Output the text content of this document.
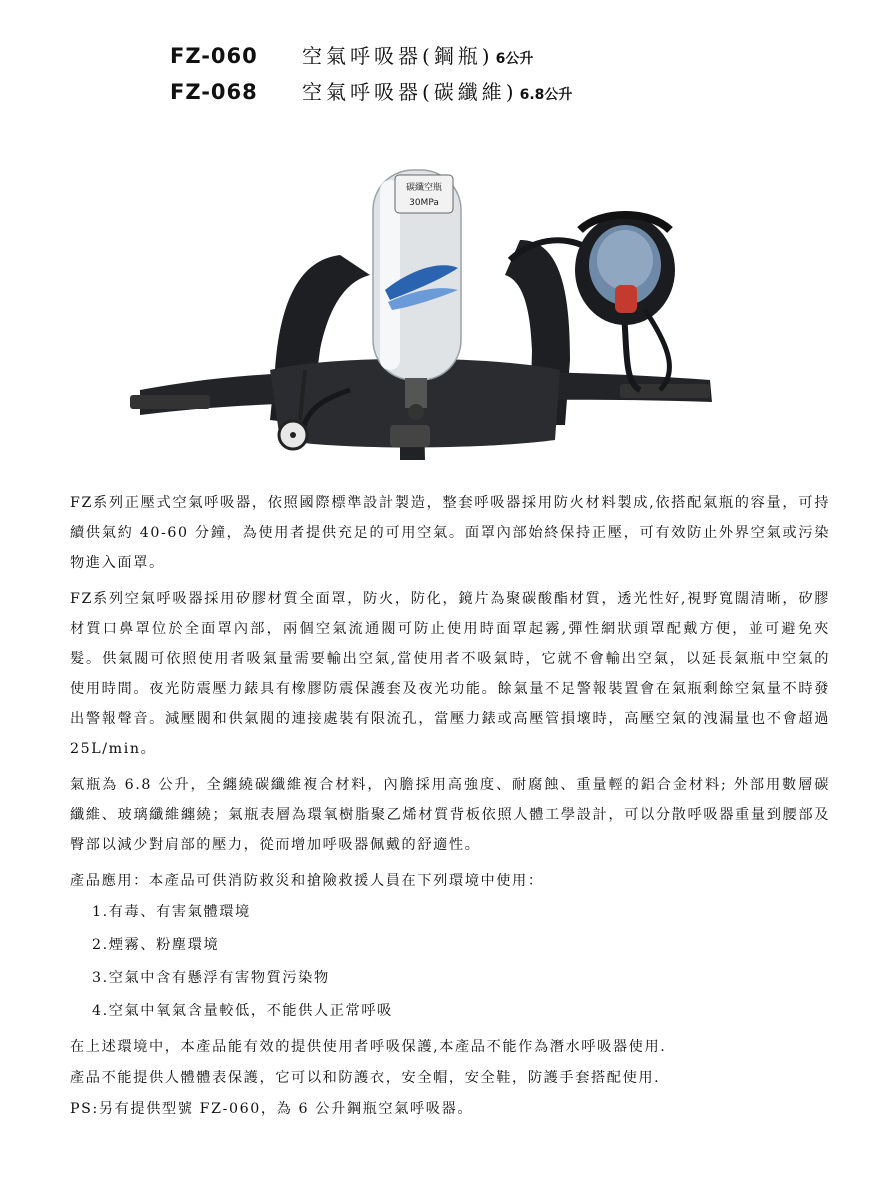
FZ-060	空氣呼吸器(鋼瓶) 6公升
FZ-068	空氣呼吸器(碳纖維) 6.8公升
碳纖空瓶
30MPa

FZ系列正壓式空氣呼吸器，依照國際標準設計製造，整套呼吸器採用防火材料製成,依搭配氣瓶的容量，可持續供氣約 40-60 分鐘，為使用者提供充足的可用空氣。面罩內部始終保持正壓，可有效防止外界空氣或污染物進入面罩。

FZ系列空氣呼吸器採用矽膠材質全面罩，防火，防化，鏡片為聚碳酸酯材質，透光性好,視野寬闊清晰，矽膠材質口鼻罩位於全面罩內部，兩個空氣流通閥可防止使用時面罩起霧,彈性網狀頭罩配戴方便，並可避免夾髮。供氣閥可依照使用者吸氣量需要輸出空氣,當使用者不吸氣時，它就不會輸出空氣，以延長氣瓶中空氣的使用時間。夜光防震壓力錶具有橡膠防震保護套及夜光功能。餘氣量不足警報裝置會在氣瓶剩餘空氣量不時發出警報聲音。減壓閥和供氣閥的連接處裝有限流孔，當壓力錶或高壓管損壞時，高壓空氣的洩漏量也不會超過 25L/min。

氣瓶為 6.8 公升，全纏繞碳纖維複合材料，內膽採用高強度、耐腐蝕、重量輕的鋁合金材料; 外部用數層碳纖維、玻璃纖維纏繞；氣瓶表層為環氧樹脂聚乙烯材質背板依照人體工學設計，可以分散呼吸器重量到腰部及臀部以減少對肩部的壓力，從而增加呼吸器佩戴的舒適性。

產品應用：本產品可供消防救災和搶險救援人員在下列環境中使用：

1.有毒、有害氣體環境
2.煙霧、粉塵環境
3.空氣中含有懸浮有害物質污染物
4.空氣中氧氣含量較低，不能供人正常呼吸

在上述環境中，本產品能有效的提供使用者呼吸保護,本產品不能作為潛水呼吸器使用.

產品不能提供人體體表保護，它可以和防護衣，安全帽，安全鞋，防護手套搭配使用.

PS:另有提供型號 FZ-060，為 6 公升鋼瓶空氣呼吸器。
